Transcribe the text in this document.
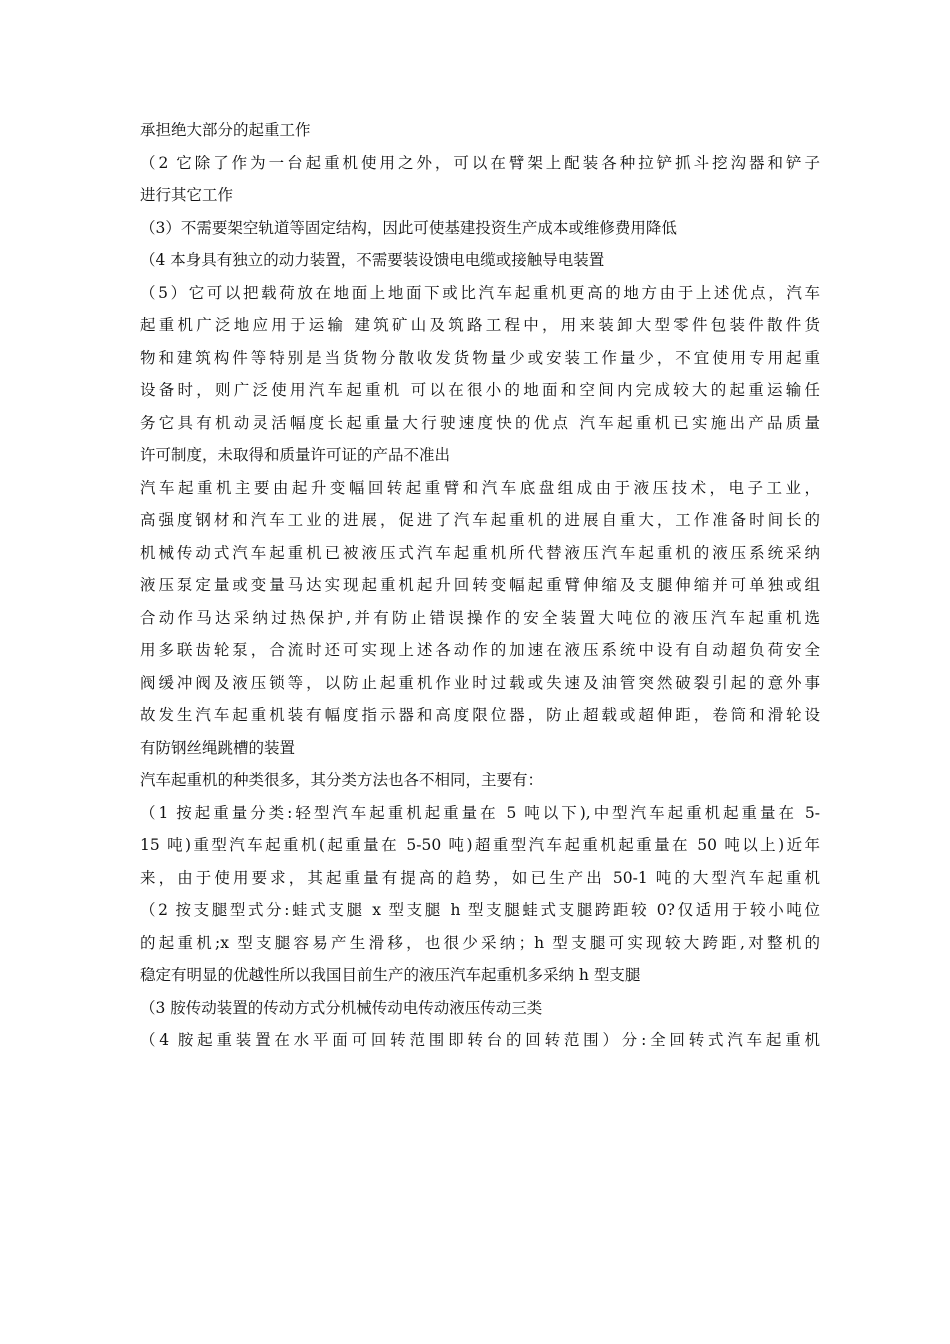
承担绝大部分的起重工作
（2 它除了作为一台起重机使用之外，可以在臂架上配装各种拉铲抓斗挖沟器和铲子
进行其它工作
（3）不需要架空轨道等固定结构，因此可使基建投资生产成本或维修费用降低
（4 本身具有独立的动力装置，不需要装设馈电电缆或接触导电装置
（5）它可以把载荷放在地面上地面下或比汽车起重机更高的地方由于上述优点，汽车
起重机广泛地应用于运输 建筑矿山及筑路工程中，用来装卸大型零件包装件散件货
物和建筑构件等特别是当货物分散收发货物量少或安装工作量少，不宜使用专用起重
设备时，则广泛使用汽车起重机 可以在很小的地面和空间内完成较大的起重运输任
务它具有机动灵活幅度长起重量大行驶速度快的优点 汽车起重机已实施出产品质量
许可制度，未取得和质量许可证的产品不准出
汽车起重机主要由起升变幅回转起重臂和汽车底盘组成由于液压技术，电子工业，
高强度钢材和汽车工业的进展，促进了汽车起重机的进展自重大，工作准备时间长的
机械传动式汽车起重机已被液压式汽车起重机所代替液压汽车起重机的液压系统采纳
液压泵定量或变量马达实现起重机起升回转变幅起重臂伸缩及支腿伸缩并可单独或组
合动作马达采纳过热保护,并有防止错误操作的安全装置大吨位的液压汽车起重机选
用多联齿轮泵，合流时还可实现上述各动作的加速在液压系统中设有自动超负荷安全
阀缓冲阀及液压锁等，以防止起重机作业时过载或失速及油管突然破裂引起的意外事
故发生汽车起重机装有幅度指示器和高度限位器，防止超载或超伸距，卷筒和滑轮设
有防钢丝绳跳槽的装置
汽车起重机的种类很多，其分类方法也各不相同，主要有：
（1 按起重量分类:轻型汽车起重机起重量在 5 吨以下),中型汽车起重机起重量在 5-
15 吨)重型汽车起重机(起重量在 5-50 吨)超重型汽车起重机起重量在 50 吨以上)近年
来，由于使用要求，其起重量有提高的趋势，如已生产出 50-1 吨的大型汽车起重机
（2 按支腿型式分:蛙式支腿 x 型支腿 h 型支腿蛙式支腿跨距较 0?仅适用于较小吨位
的起重机;x 型支腿容易产生滑移，也很少采纳；h 型支腿可实现较大跨距,对整机的
稳定有明显的优越性所以我国目前生产的液压汽车起重机多采纳 h 型支腿
（3 胺传动装置的传动方式分机械传动电传动液压传动三类
（4 胺起重装置在水平面可回转范围即转台的回转范围）分:全回转式汽车起重机
